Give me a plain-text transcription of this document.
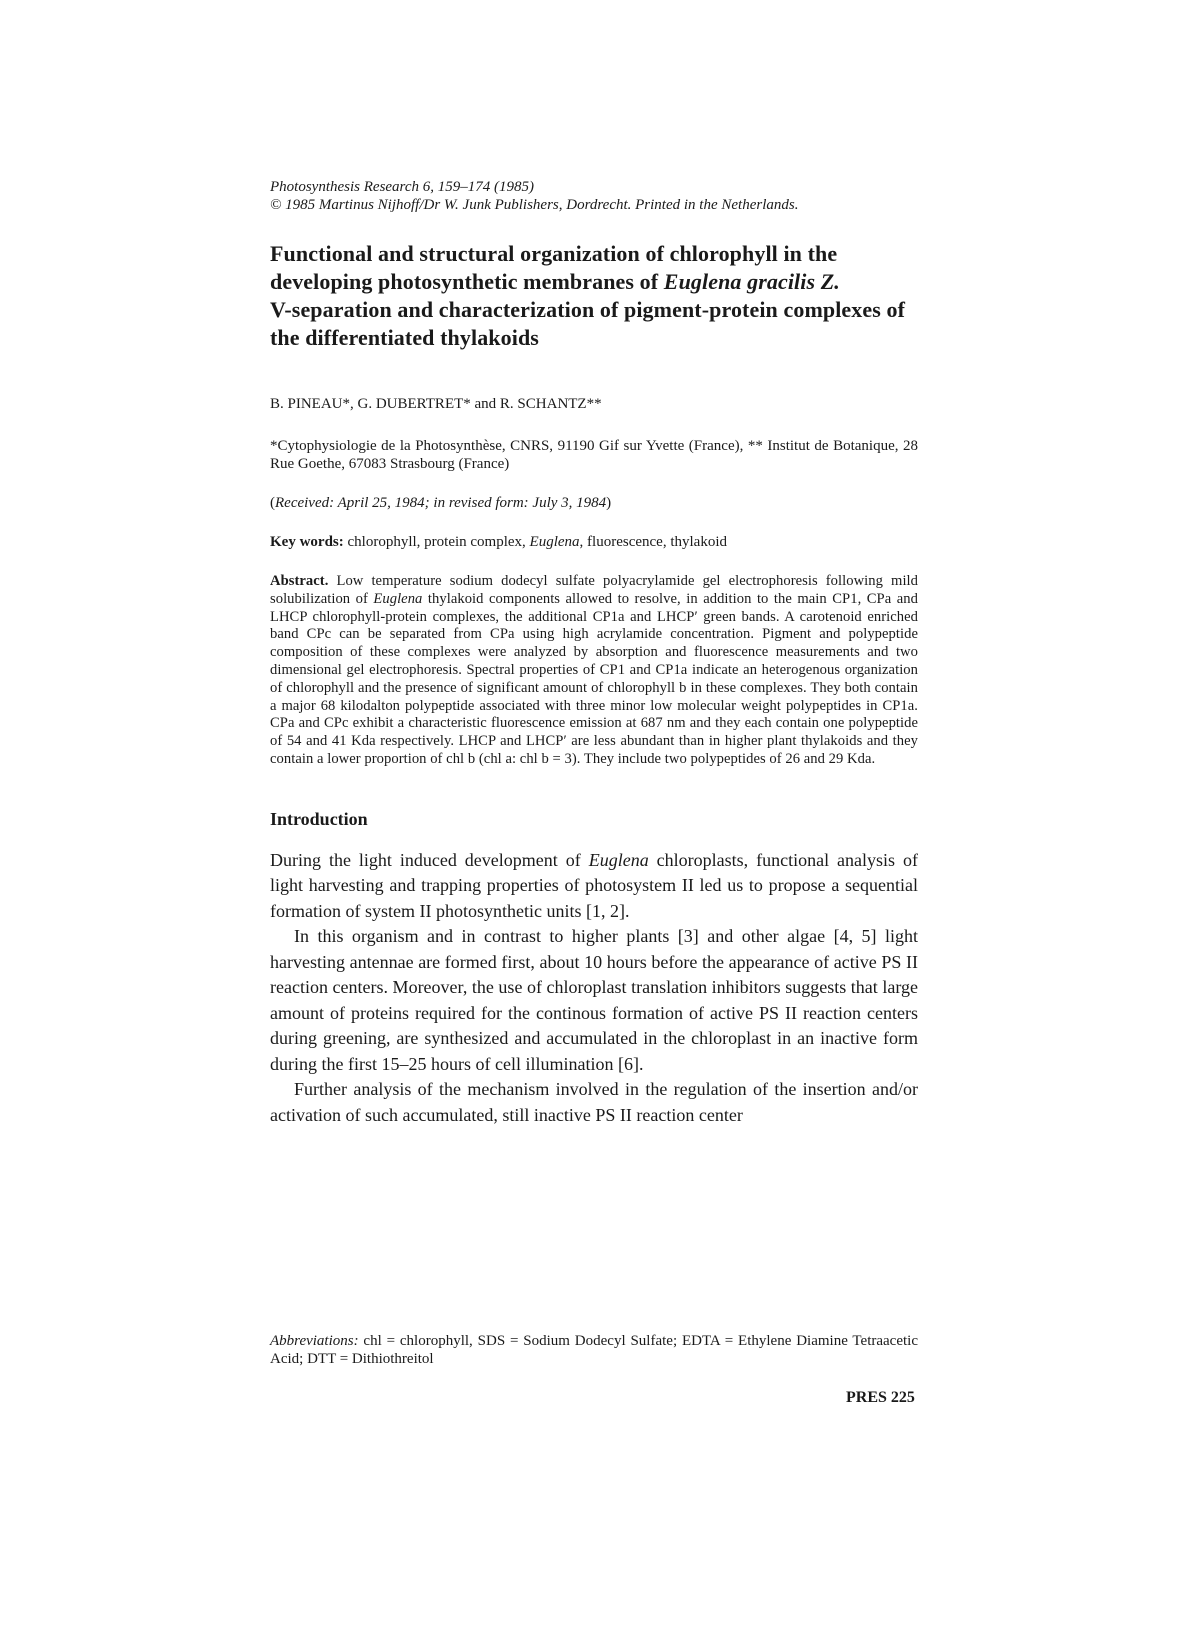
Photosynthesis Research 6, 159–174 (1985)

© 1985 Martinus Nijhoff/Dr W. Junk Publishers, Dordrecht. Printed in the Netherlands.

Functional and structural organization of chlorophyll in the developing photosynthetic membranes of Euglena gracilis Z.
V-separation and characterization of pigment-protein complexes of the differentiated thylakoids

B. PINEAU*, G. DUBERTRET* and R. SCHANTZ**

*Cytophysiologie de la Photosynthèse, CNRS, 91190 Gif sur Yvette (France), ** Institut de Botanique, 28 Rue Goethe, 67083 Strasbourg (France)

(Received: April 25, 1984; in revised form: July 3, 1984)

Key words: chlorophyll, protein complex, Euglena, fluorescence, thylakoid

Abstract. Low temperature sodium dodecyl sulfate polyacrylamide gel electrophoresis following mild solubilization of Euglena thylakoid components allowed to resolve, in addition to the main CP1, CPa and LHCP chlorophyll-protein complexes, the additional CP1a and LHCP′ green bands. A carotenoid enriched band CPc can be separated from CPa using high acrylamide concentration. Pigment and polypeptide composition of these complexes were analyzed by absorption and fluorescence measurements and two dimensional gel electrophoresis. Spectral properties of CP1 and CP1a indicate an heterogenous organization of chlorophyll and the presence of significant amount of chlorophyll b in these complexes. They both contain a major 68 kilodalton polypeptide associated with three minor low molecular weight polypeptides in CP1a. CPa and CPc exhibit a characteristic fluorescence emission at 687 nm and they each contain one polypeptide of 54 and 41 Kda respectively. LHCP and LHCP′ are less abundant than in higher plant thylakoids and they contain a lower proportion of chl b (chl a: chl b = 3). They include two polypeptides of 26 and 29 Kda.

Introduction

During the light induced development of Euglena chloroplasts, functional analysis of light harvesting and trapping properties of photosystem II led us to propose a sequential formation of system II photosynthetic units [1, 2].

In this organism and in contrast to higher plants [3] and other algae [4, 5] light harvesting antennae are formed first, about 10 hours before the appearance of active PS II reaction centers. Moreover, the use of chloroplast translation inhibitors suggests that large amount of proteins required for the continous formation of active PS II reaction centers during greening, are synthesized and accumulated in the chloroplast in an inactive form during the first 15–25 hours of cell illumination [6].

Further analysis of the mechanism involved in the regulation of the insertion and/or activation of such accumulated, still inactive PS II reaction center

Abbreviations: chl = chlorophyll, SDS = Sodium Dodecyl Sulfate; EDTA = Ethylene Diamine Tetraacetic Acid; DTT = Dithiothreitol

PRES 225
